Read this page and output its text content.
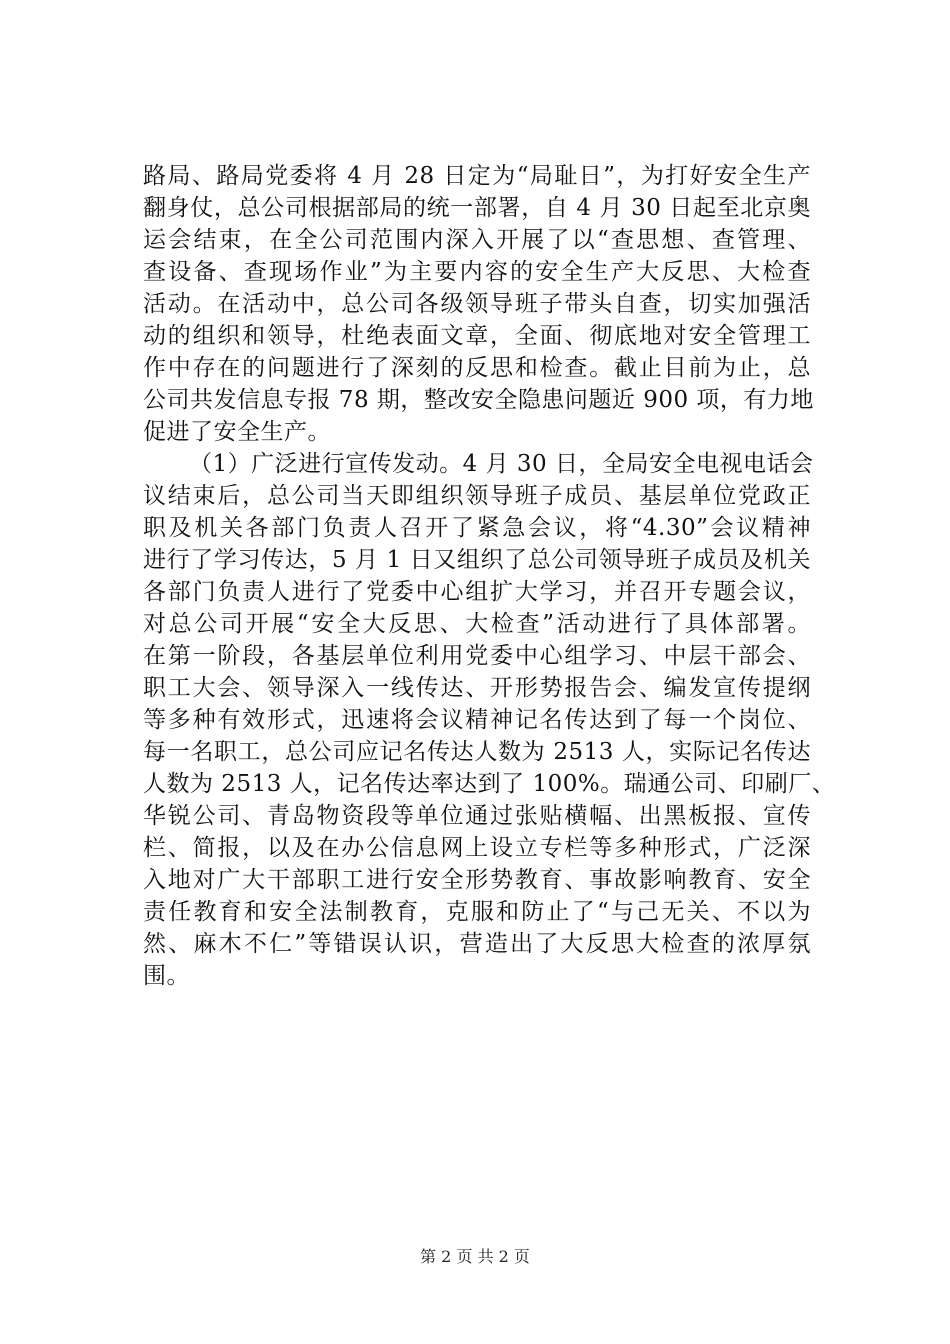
路局、路局党委将 4 月 28 日定为“局耻日”，为打好安全生产
翻身仗，总公司根据部局的统一部署，自 4 月 30 日起至北京奥
运会结束，在全公司范围内深入开展了以“查思想、查管理、
查设备、查现场作业”为主要内容的安全生产大反思、大检查
活动。在活动中，总公司各级领导班子带头自查，切实加强活
动的组织和领导，杜绝表面文章，全面、彻底地对安全管理工
作中存在的问题进行了深刻的反思和检查。截止目前为止，总
公司共发信息专报 78 期，整改安全隐患问题近 900 项，有力地
促进了安全生产。
（1）广泛进行宣传发动。4 月 30 日，全局安全电视电话会
议结束后，总公司当天即组织领导班子成员、基层单位党政正
职及机关各部门负责人召开了紧急会议，将“4.30”会议精神
进行了学习传达，5 月 1 日又组织了总公司领导班子成员及机关
各部门负责人进行了党委中心组扩大学习，并召开专题会议，
对总公司开展“安全大反思、大检查”活动进行了具体部署。
在第一阶段，各基层单位利用党委中心组学习、中层干部会、
职工大会、领导深入一线传达、开形势报告会、编发宣传提纲
等多种有效形式，迅速将会议精神记名传达到了每一个岗位、
每一名职工，总公司应记名传达人数为 2513 人，实际记名传达
人数为 2513 人，记名传达率达到了 100%。瑞通公司、印刷厂、
华锐公司、青岛物资段等单位通过张贴横幅、出黑板报、宣传
栏、简报，以及在办公信息网上设立专栏等多种形式，广泛深
入地对广大干部职工进行安全形势教育、事故影响教育、安全
责任教育和安全法制教育，克服和防止了“与己无关、不以为
然、麻木不仁”等错误认识，营造出了大反思大检查的浓厚氛
围。
第 2 页 共 2 页
